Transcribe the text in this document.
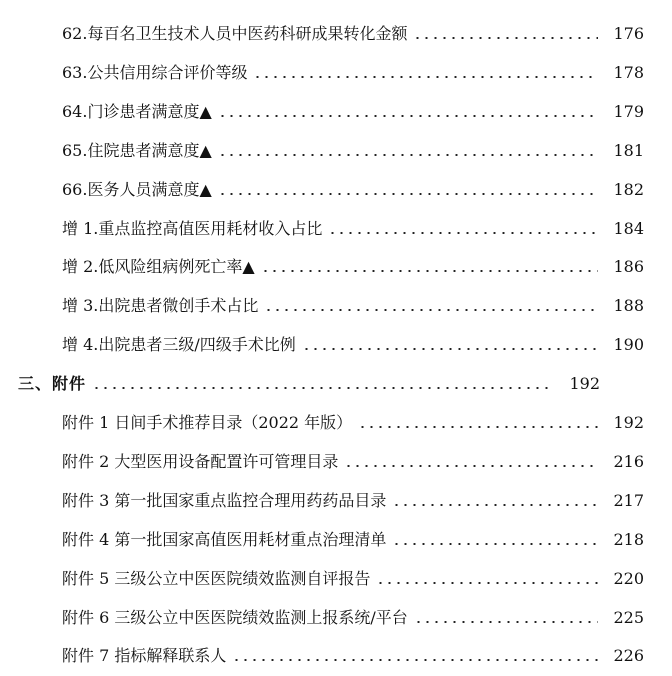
62.每百名卫生技术人员中医药科研成果转化金额	176
63.公共信用综合评价等级	178
64.门诊患者满意度▲	179
65.住院患者满意度▲	181
66.医务人员满意度▲	182
增 1.重点监控高值医用耗材收入占比	184
增 2.低风险组病例死亡率▲	186
增 3.出院患者微创手术占比	188
增 4.出院患者三级/四级手术比例	190
三、附件	192
附件 1 日间手术推荐目录（2022 年版）	192
附件 2 大型医用设备配置许可管理目录	216
附件 3 第一批国家重点监控合理用药药品目录	217
附件 4 第一批国家高值医用耗材重点治理清单	218
附件 5 三级公立中医医院绩效监测自评报告	220
附件 6 三级公立中医医院绩效监测上报系统/平台	225
附件 7 指标解释联系人	226
